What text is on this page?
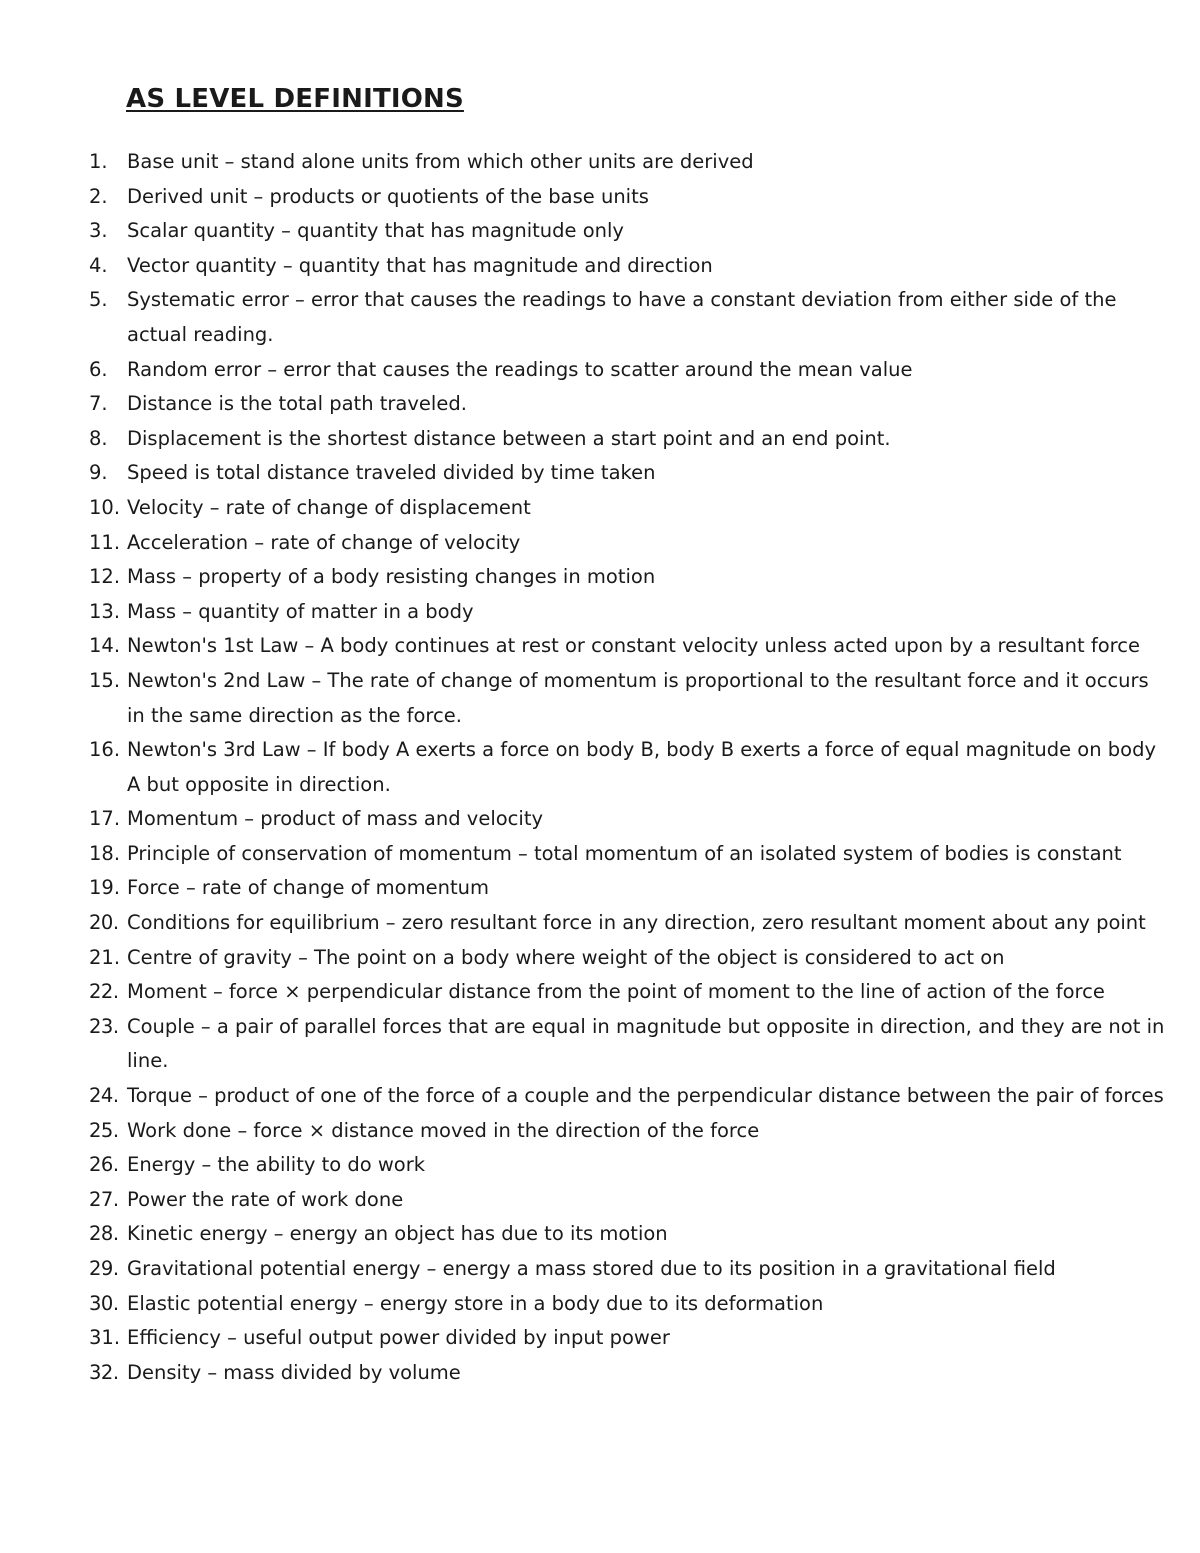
AS LEVEL DEFINITIONS
1. Base unit – stand alone units from which other units are derived
2. Derived unit – products or quotients of the base units
3. Scalar quantity – quantity that has magnitude only
4. Vector quantity – quantity that has magnitude and direction
5. Systematic error – error that causes the readings to have a constant deviation from either side of the actual reading.
6. Random error – error that causes the readings to scatter around the mean value
7. Distance is the total path traveled.
8. Displacement is the shortest distance between a start point and an end point.
9. Speed is total distance traveled divided by time taken
10. Velocity – rate of change of displacement
11. Acceleration – rate of change of velocity
12. Mass – property of a body resisting changes in motion
13. Mass – quantity of matter in a body
14. Newton's 1st Law – A body continues at rest or constant velocity unless acted upon by a resultant force
15. Newton's 2nd Law – The rate of change of momentum is proportional to the resultant force and it occurs in the same direction as the force.
16. Newton's 3rd Law – If body A exerts a force on body B, body B exerts a force of equal magnitude on body A but opposite in direction.
17. Momentum – product of mass and velocity
18. Principle of conservation of momentum – total momentum of an isolated system of bodies is constant
19. Force – rate of change of momentum
20. Conditions for equilibrium – zero resultant force in any direction, zero resultant moment about any point
21. Centre of gravity – The point on a body where weight of the object is considered to act on
22. Moment – force × perpendicular distance from the point of moment to the line of action of the force
23. Couple – a pair of parallel forces that are equal in magnitude but opposite in direction, and they are not in line.
24. Torque – product of one of the force of a couple and the perpendicular distance between the pair of forces
25. Work done – force × distance moved in the direction of the force
26. Energy – the ability to do work
27. Power the rate of work done
28. Kinetic energy – energy an object has due to its motion
29. Gravitational potential energy – energy a mass stored due to its position in a gravitational field
30. Elastic potential energy – energy store in a body due to its deformation
31. Efficiency – useful output power divided by input power
32. Density – mass divided by volume
